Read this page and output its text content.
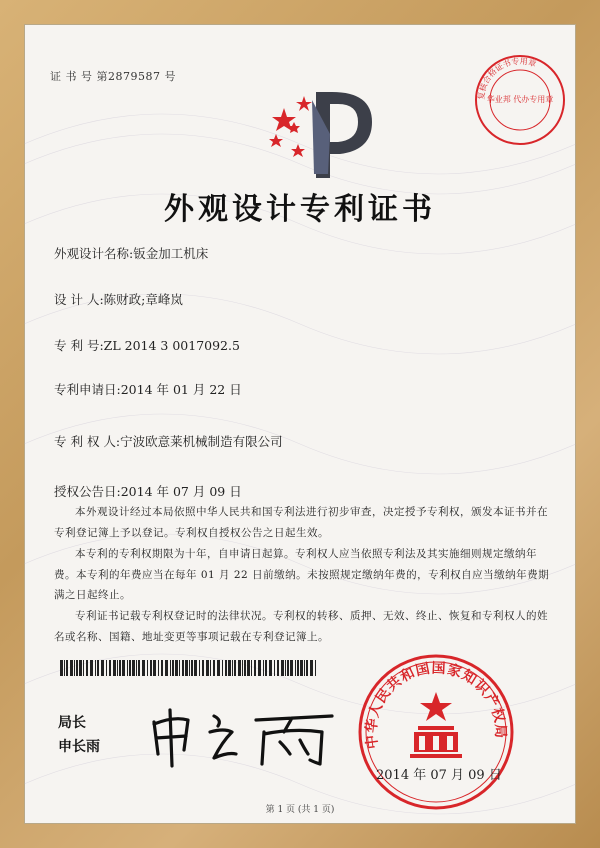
证 书 号 第2879587 号
复核合格证书专用章
华业邦 代办专用章
外观设计专利证书
外观设计名称:钣金加工机床
设 计 人:陈财政;章峰岚
专 利 号:ZL 2014 3 0017092.5
专利申请日:2014 年 01 月 22 日
专 利 权 人:宁波欧意莱机械制造有限公司
授权公告日:2014 年 07 月 09 日
本外观设计经过本局依照中华人民共和国专利法进行初步审查，决定授予专利权，颁发本证书并在专利登记簿上予以登记。专利权自授权公告之日起生效。
本专利的专利权期限为十年，自申请日起算。专利权人应当依照专利法及其实施细则规定缴纳年费。本专利的年费应当在每年 01 月 22 日前缴纳。未按照规定缴纳年费的，专利权自应当缴纳年费期满之日起终止。
专利证书记载专利权登记时的法律状况。专利权的转移、质押、无效、终止、恢复和专利权人的姓名或名称、国籍、地址变更等事项记载在专利登记簿上。
局长
申长雨	中华人民共和国国家知识产权局
2014 年 07 月 09 日
第 1 页 (共 1 页)
